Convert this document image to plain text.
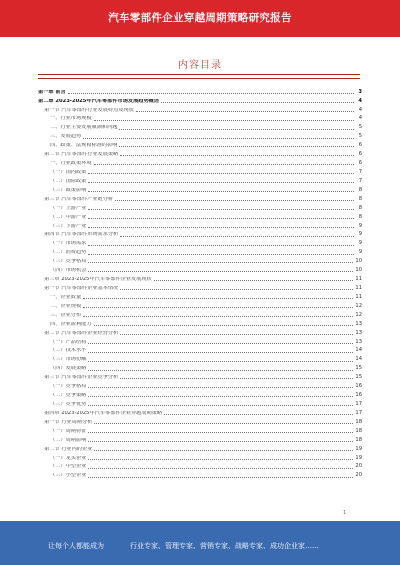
汽车零部件企业穿越周期策略研究报告
内容目录
第一章 前言	3
第二章 2023-2025年汽车零部件市场发展趋势概述	4
第一节 汽车零部件行业发展特点及现状	4
一、行业市场规模	4
二、行业主要发展瓶颈和问题	5
三、发展趋势	5
四、政策、法规和标准的影响	6
第二节 汽车零部件行业发展策略	6
一、行业政策环境	6
（一）国内政策	7
（二）国际政策	7
（三）政策影响	8
第三节 汽车零部件产业链分析	8
（一）上游产业	8
（二）中游产业	8
（三）下游产业	9
第四节 汽车零部件市场需求分析	9
（一）市场需求	9
（二）消费趋势	9
（三）竞争格局	10
（四）市场机会	10
第三章 2023-2025年汽车零部件企业发展现状	11
第一节 汽车零部件企业基本情况	11
一、企业数量	11
二、企业规模	12
三、企业分布	12
四、企业盈利能力	13
第二节 汽车零部件企业经营分析	13
（一）产品结构	13
（二）技术水平	14
（三）市场份额	14
（四）发展策略	15
第三节 汽车零部件企业竞争分析	15
（一）竞争格局	16
（二）竞争策略	16
（三）竞争优势	17
第四章 2023-2025年汽车零部件企业穿越周期策略	17
第一节 行业周期分析	18
（一）周期特征	18
（二）周期影响	18
第二节 行业内的企业	19
（一）龙头企业	19
（二）中型企业	20
（三）小型企业	20
1
让每个人都能成为	行业专家、管理专家、营销专家、战略专家、成功企业家……
